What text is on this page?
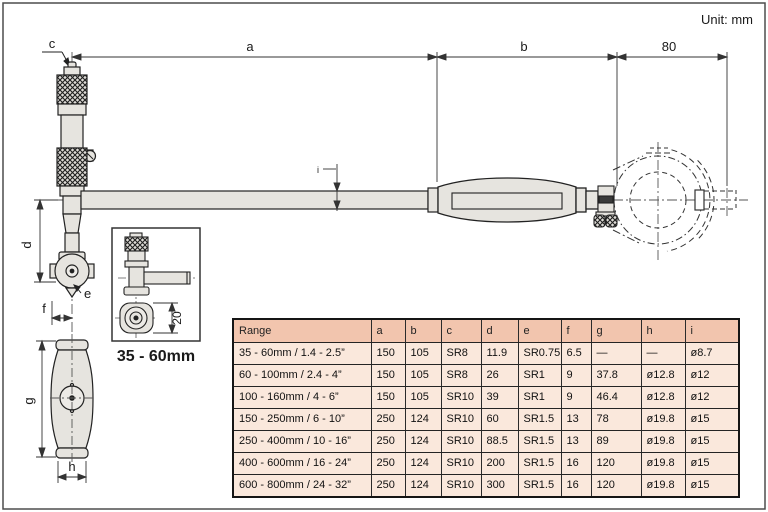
Unit: mm
a	b	80
c
i
d
e
f
g
h
20
35 - 60mm
Range	a	b	c	d	e	f	g	h	i
35 - 60mm / 1.4 - 2.5”	150	105	SR8	11.9	SR0.75	6.5	—	—	ø8.7
60 - 100mm / 2.4 - 4”	150	105	SR8	26	SR1	9	37.8	ø12.8	ø12
100 - 160mm / 4 - 6”	150	105	SR10	39	SR1	9	46.4	ø12.8	ø12
150 - 250mm / 6 - 10”	250	124	SR10	60	SR1.5	13	78	ø19.8	ø15
250 - 400mm / 10 - 16”	250	124	SR10	88.5	SR1.5	13	89	ø19.8	ø15
400 - 600mm / 16 - 24”	250	124	SR10	200	SR1.5	16	120	ø19.8	ø15
600 - 800mm / 24 - 32”	250	124	SR10	300	SR1.5	16	120	ø19.8	ø15
